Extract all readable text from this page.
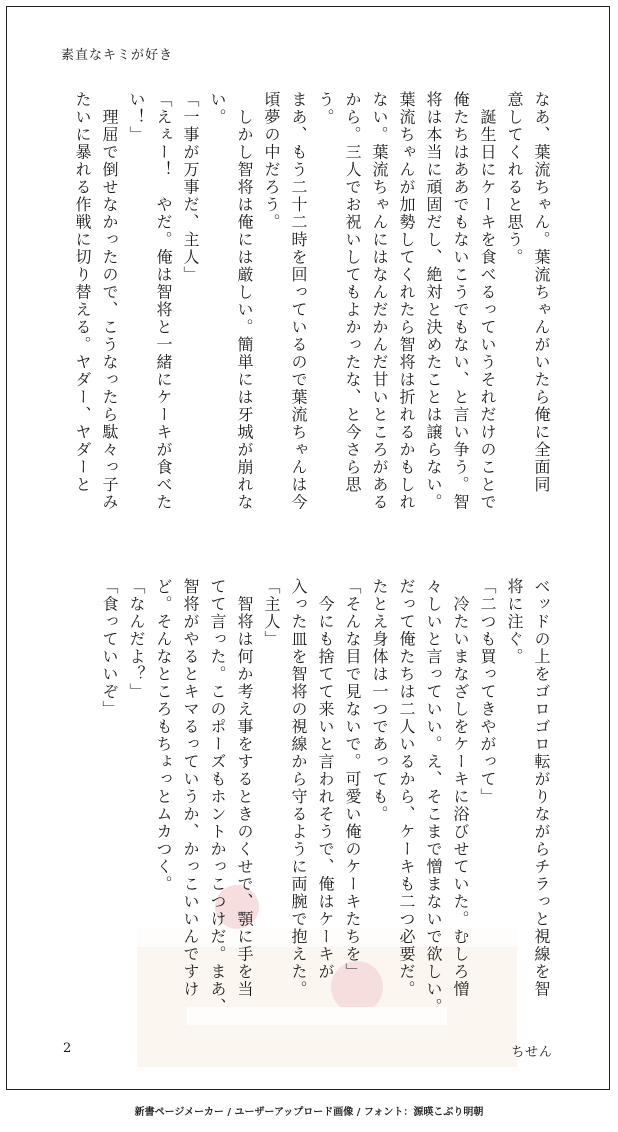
素直なキミが好き
なあ、葉流ちゃん。葉流ちゃんがいたら俺に全面同
意してくれると思う。
　誕生日にケーキを食べるっていうそれだけのことで
俺たちはああでもないこうでもない、と言い争う。智
将は本当に頑固だし、絶対と決めたことは譲らない。
葉流ちゃんが加勢してくれたら智将は折れるかもしれ
ない。葉流ちゃんにはなんだかんだ甘いところがある
から。三人でお祝いしてもよかったな、と今さら思う。
まあ、もう二十二時を回っているので葉流ちゃんは今
頃夢の中だろう。
　しかし智将は俺には厳しい。簡単には牙城が崩れな
い。
「一事が万事だ、主人」
「えぇー！　やだ。俺は智将と一緒にケーキが食べた
い！」
　理屈で倒せなかったので、こうなったら駄々っ子み
たいに暴れる作戦に切り替える。ヤダー、ヤダーと
ベッドの上をゴロゴロ転がりながらチラっと視線を智
将に注ぐ。
「二つも買ってきやがって」
　冷たいまなざしをケーキに浴びせていた。むしろ憎
々しいと言っていい。え、そこまで憎まないで欲しい。
だって俺たちは二人いるから、ケーキも二つ必要だ。
たとえ身体は一つであっても。
「そんな目で見ないで。可愛い俺のケーキたちを」
　今にも捨てて来いと言われそうで、俺はケーキが
入った皿を智将の視線から守るように両腕で抱えた。
「主人」
　智将は何か考え事をするときのくせで、顎に手を当
てて言った。このポーズもホントかっこつけだ。まあ、
智将がやるとキマるっていうか、かっこいいんですけ
ど。そんなところもちょっとムカつく。
「なんだよ？」
「食っていいぞ」
2	ちせん
新書ページメーカー / ユーザーアップロード画像 / フォント：源暎こぶり明朝
